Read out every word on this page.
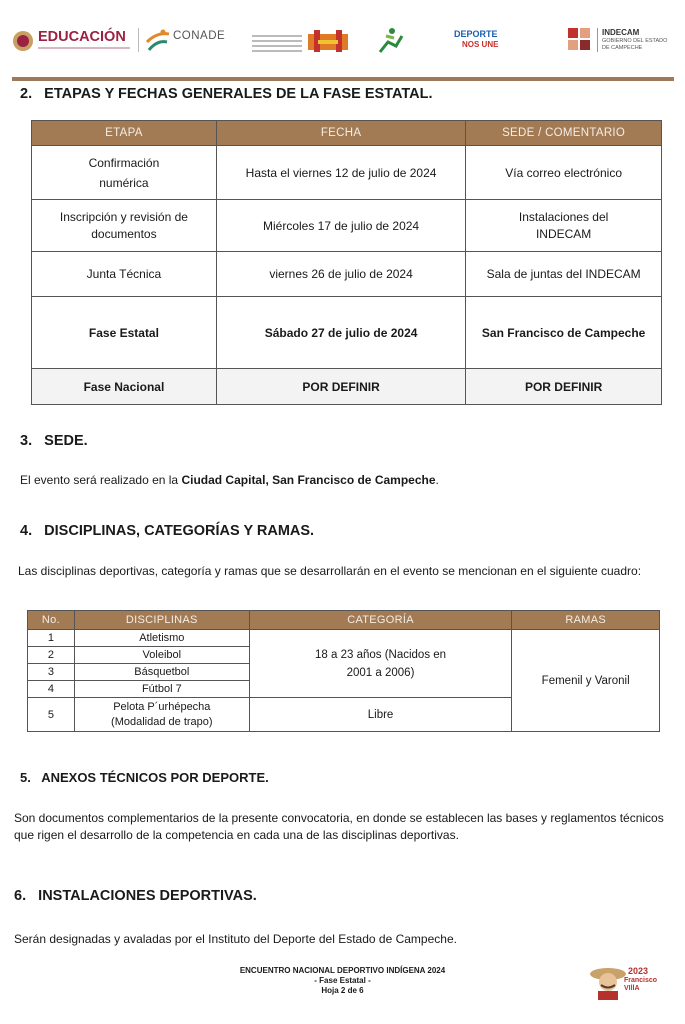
EDUCACIÓN	CONADE	DEPORTE
NOS UNE
INDECAM
GOBIERNO DEL ESTADO
DE CAMPECHE
2.   ETAPAS Y FECHAS GENERALES DE LA FASE ESTATAL.
ETAPA	FECHA	SEDE / COMENTARIO

Confirmación numérica	Hasta el viernes 12 de julio de 2024	Vía correo electrónico

Inscripción y revisión de documentos	Miércoles 17 de julio de 2024	Instalaciones del INDECAM

Junta Técnica	viernes 26 de julio de 2024	Sala de juntas del INDECAM
Fase Estatal	Sábado 27 de julio de 2024	San Francisco de Campeche
Fase Nacional	POR DEFINIR	POR DEFINIR
3.   SEDE.

El evento será realizado en la Ciudad Capital, San Francisco de Campeche.

4.   DISCIPLINAS, CATEGORÍAS Y RAMAS.

Las disciplinas deportivas, categoría y ramas que se desarrollarán en el evento se mencionan en el siguiente cuadro:

No.	DISCIPLINAS	CATEGORÍA	RAMAS
1	Atletismo	18 a 23 años (Nacidos en 2001 a 2006)	Femenil y Varonil
2	Voleibol		
3	Básquetbol		
4	Fútbol 7		
5	Pelota P´urhépecha (Modalidad de trapo)	Libre	
5.   ANEXOS TÉCNICOS POR DEPORTE.

Son documentos complementarios de la presente convocatoria, en donde se establecen las bases y reglamentos técnicos que rigen el desarrollo de la competencia en cada una de las disciplinas deportivas.

6.   INSTALACIONES DEPORTIVAS.

Serán designadas y avaladas por el Instituto del Deporte del Estado de Campeche.

ENCUENTRO NACIONAL DEPORTIVO INDÍGENA 2024
- Fase Estatal -
Hoja 2 de 6
2023
Francisco VIllA
